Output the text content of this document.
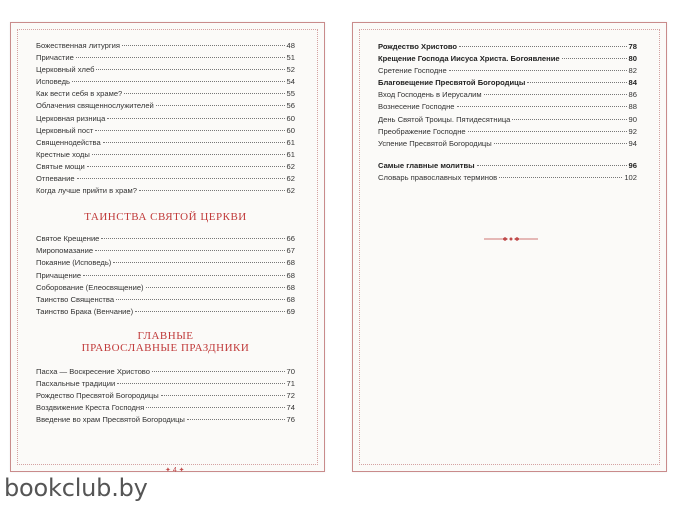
Божественная литургия	48
Причастие	51
Церковный хлеб	52
Исповедь	54
Как вести себя в храме?	55
Облачения священнослужителей	56
Церковная ризница	60
Церковный пост	60
Священнодейства	61
Крестные ходы	61
Святые мощи	62
Отпевание	62
Когда лучше прийти в храм?	62
ТАИНСТВА СВЯТОЙ ЦЕРКВИ
Святое Крещение	66
Миропомазание	67
Покаяние (Исповедь)	68
Причащение	68
Соборование (Елеосвящение)	68
Таинство Священства	68
Таинство Брака (Венчание)	69
ГЛАВНЫЕ
ПРАВОСЛАВНЫЕ ПРАЗДНИКИ
Пасха — Воскресение Христово	70
Пасхальные традиции	71
Рождество Пресвятой Богородицы	72
Воздвижение Креста Господня	74
Введение во храм Пресвятой Богородицы	76
Рождество Христово	78
Крещение Господа Иисуса Христа. Богоявление	80
Сретение Господне	82
Благовещение Пресвятой Богородицы	84
Вход Господень в Иерусалим	86
Вознесение Господне	88
День Святой Троицы. Пятидесятница	90
Преображение Господне	92
Успение Пресвятой Богородицы	94
Самые главные молитвы	96
Словарь православных терминов	102
✦ 4 ✦
bookclub.by
